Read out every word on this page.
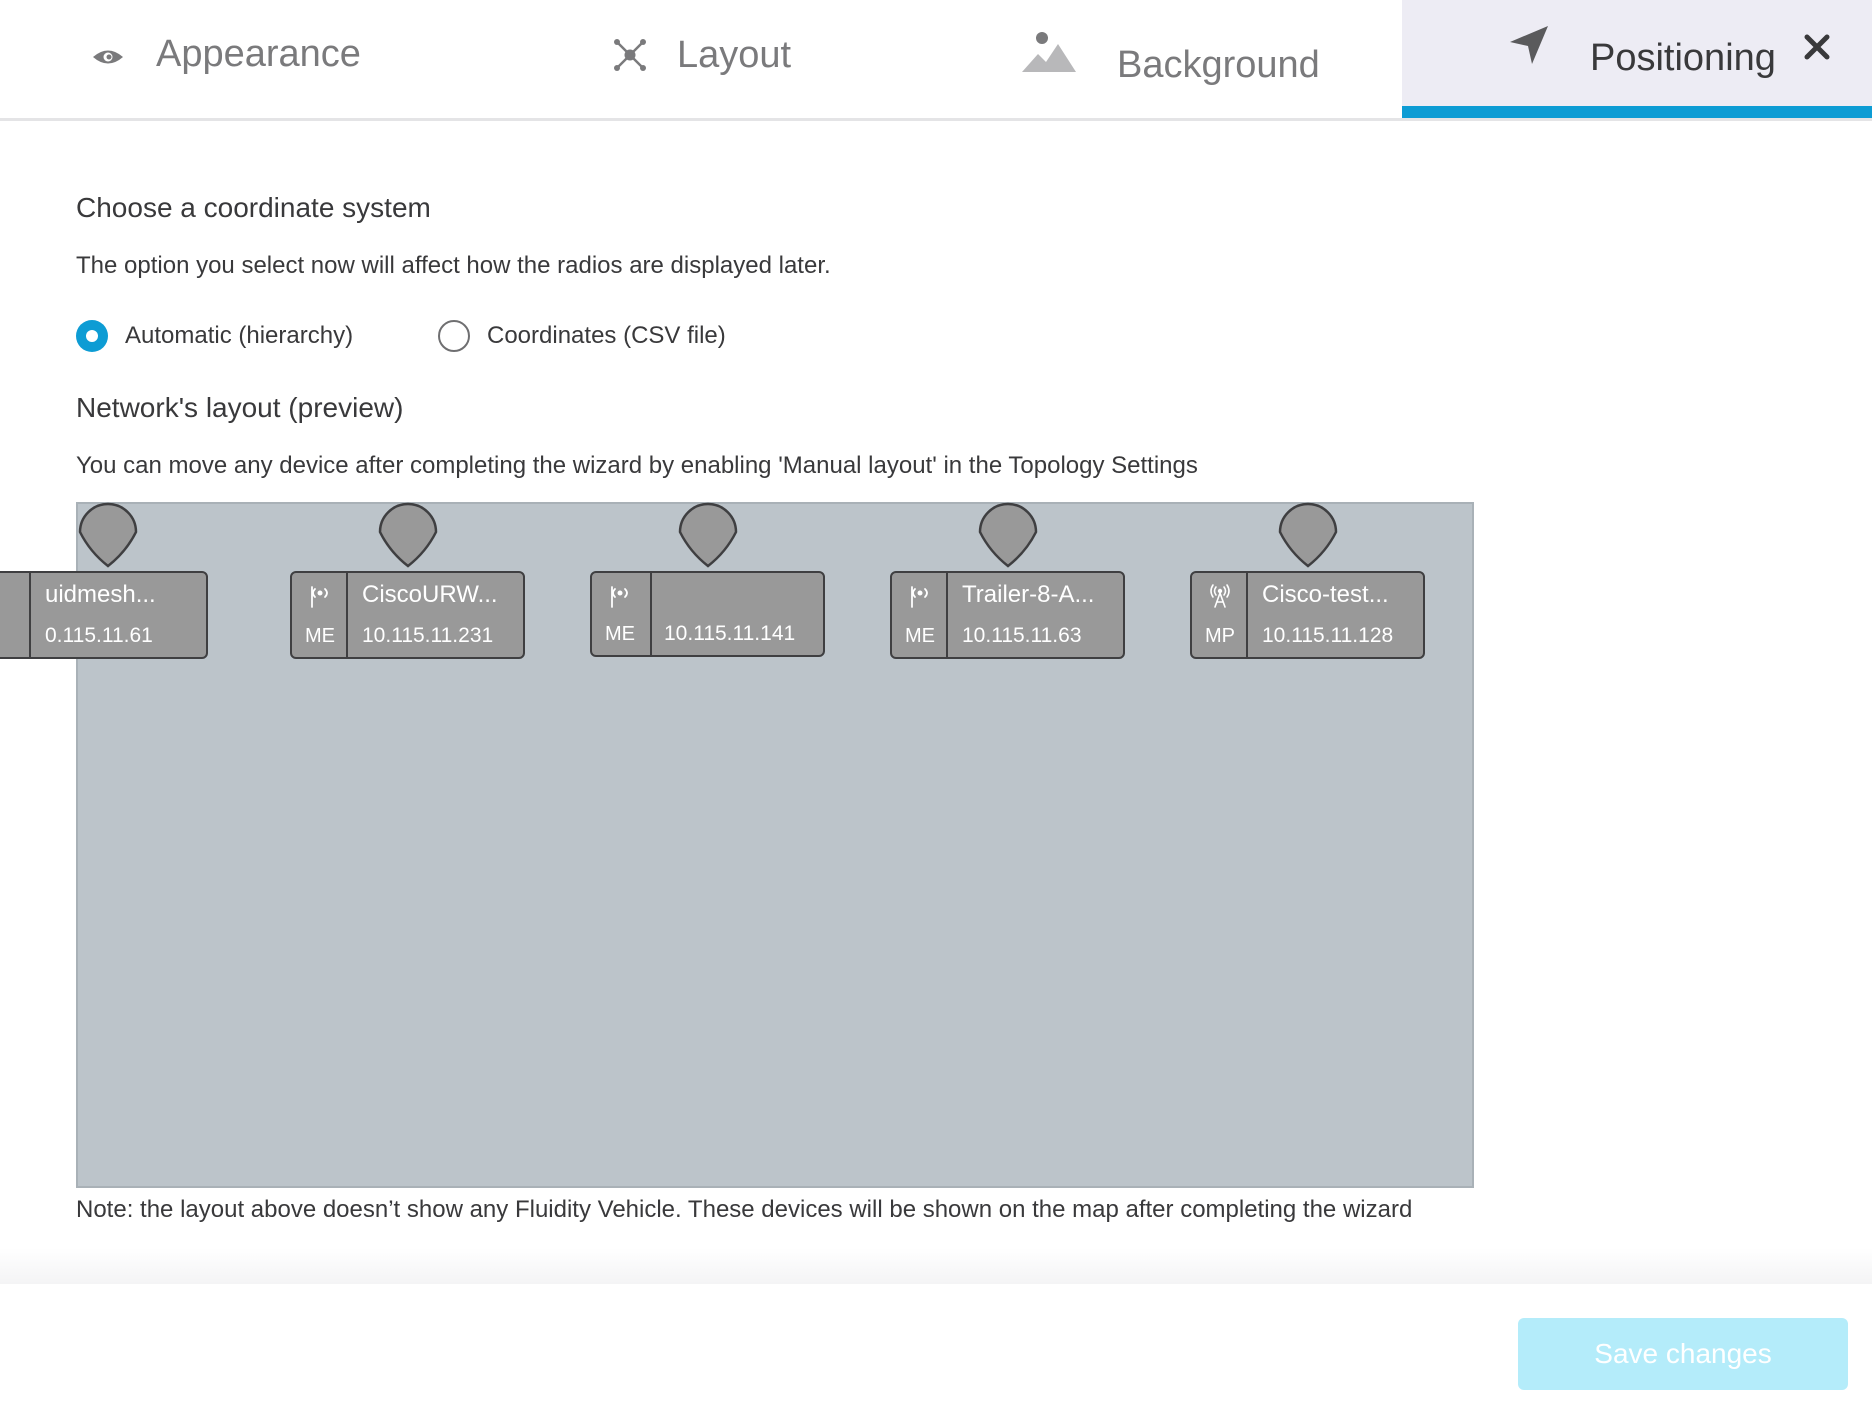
Appearance	Layout	Background	Positioning
Choose a coordinate system
The option you select now will affect how the radios are displayed later.
Automatic (hierarchy)	Coordinates (CSV file)
Network's layout (preview)
You can move any device after completing the wizard by enabling 'Manual layout' in the Topology Settings
uidmesh...
0.115.11.61	ME
CiscoURW...
10.115.11.231	ME	10.115.11.141	ME
Trailer-8-A...
10.115.11.63	MP
Cisco-test...
10.115.11.128
Note: the layout above doesn’t show any Fluidity Vehicle. These devices will be shown on the map after completing the wizard
Save changes
